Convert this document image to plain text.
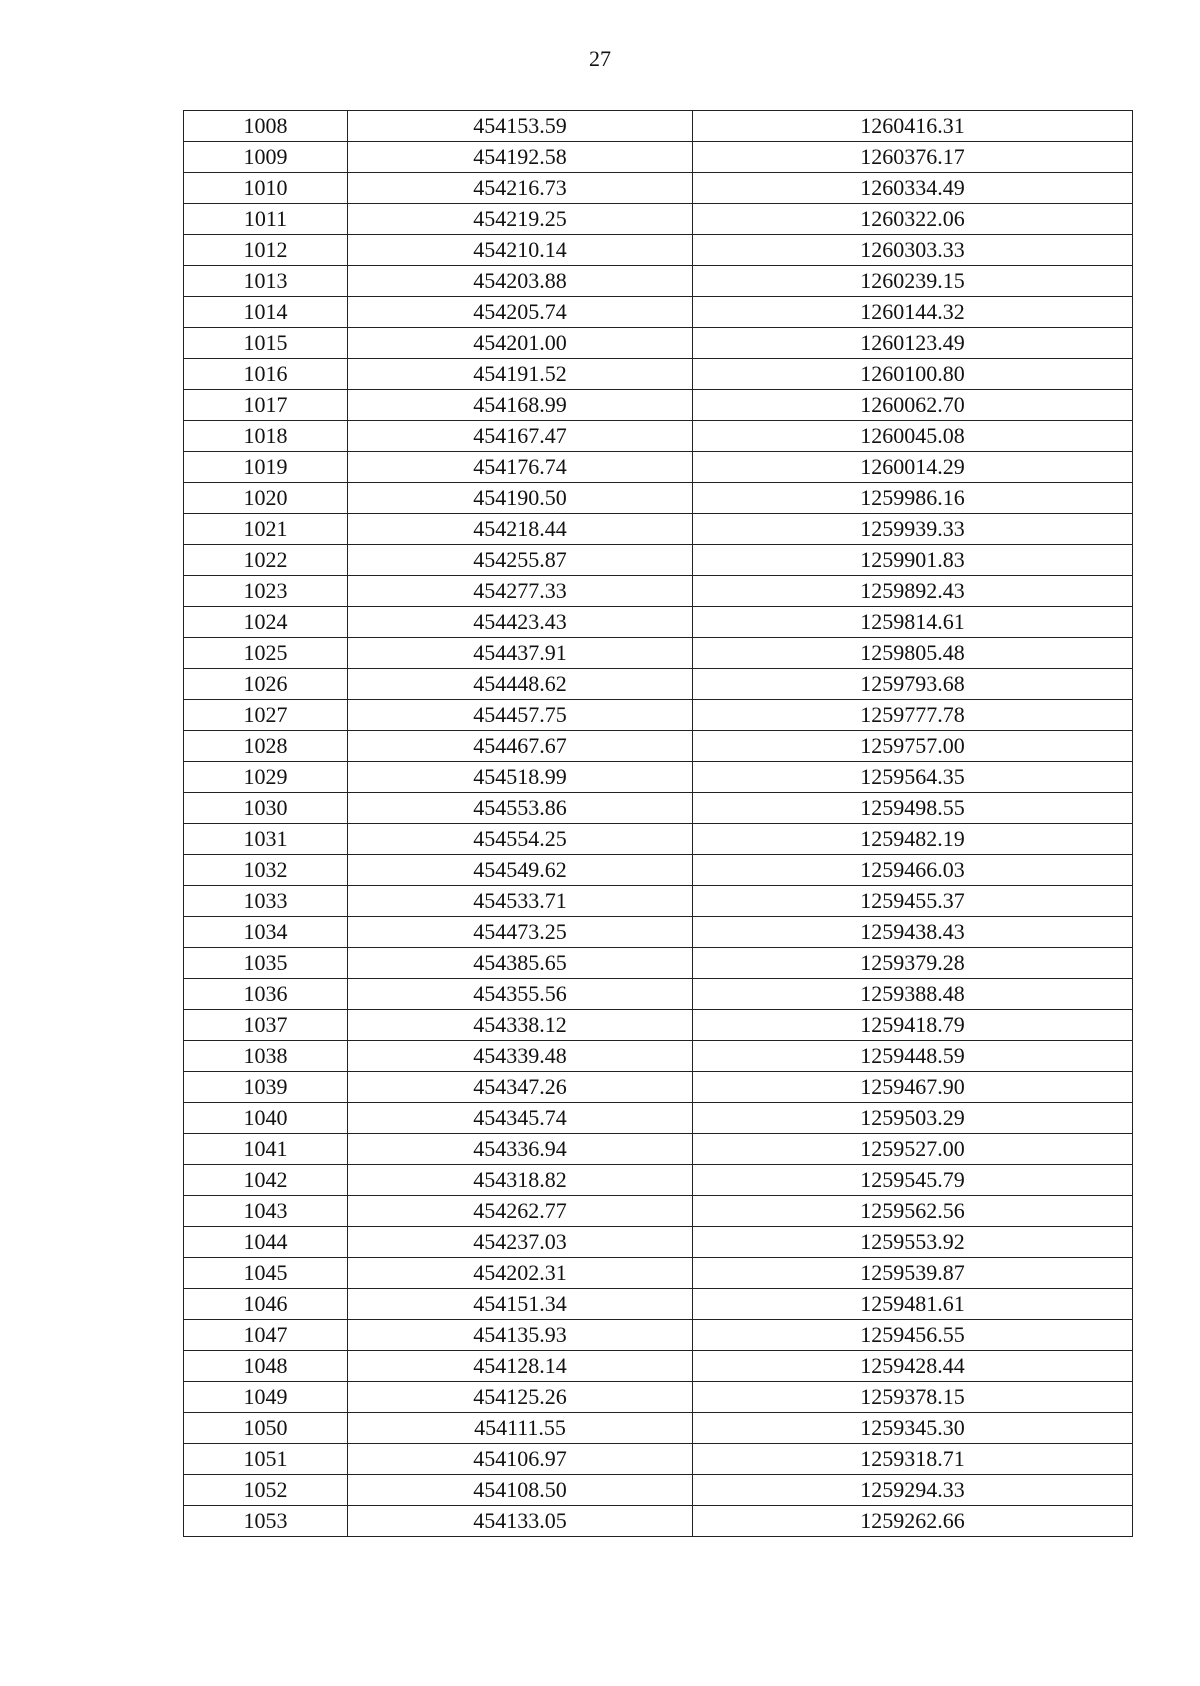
27
1008	454153.59	1260416.31
1009	454192.58	1260376.17
1010	454216.73	1260334.49
1011	454219.25	1260322.06
1012	454210.14	1260303.33
1013	454203.88	1260239.15
1014	454205.74	1260144.32
1015	454201.00	1260123.49
1016	454191.52	1260100.80
1017	454168.99	1260062.70
1018	454167.47	1260045.08
1019	454176.74	1260014.29
1020	454190.50	1259986.16
1021	454218.44	1259939.33
1022	454255.87	1259901.83
1023	454277.33	1259892.43
1024	454423.43	1259814.61
1025	454437.91	1259805.48
1026	454448.62	1259793.68
1027	454457.75	1259777.78
1028	454467.67	1259757.00
1029	454518.99	1259564.35
1030	454553.86	1259498.55
1031	454554.25	1259482.19
1032	454549.62	1259466.03
1033	454533.71	1259455.37
1034	454473.25	1259438.43
1035	454385.65	1259379.28
1036	454355.56	1259388.48
1037	454338.12	1259418.79
1038	454339.48	1259448.59
1039	454347.26	1259467.90
1040	454345.74	1259503.29
1041	454336.94	1259527.00
1042	454318.82	1259545.79
1043	454262.77	1259562.56
1044	454237.03	1259553.92
1045	454202.31	1259539.87
1046	454151.34	1259481.61
1047	454135.93	1259456.55
1048	454128.14	1259428.44
1049	454125.26	1259378.15
1050	454111.55	1259345.30
1051	454106.97	1259318.71
1052	454108.50	1259294.33
1053	454133.05	1259262.66
